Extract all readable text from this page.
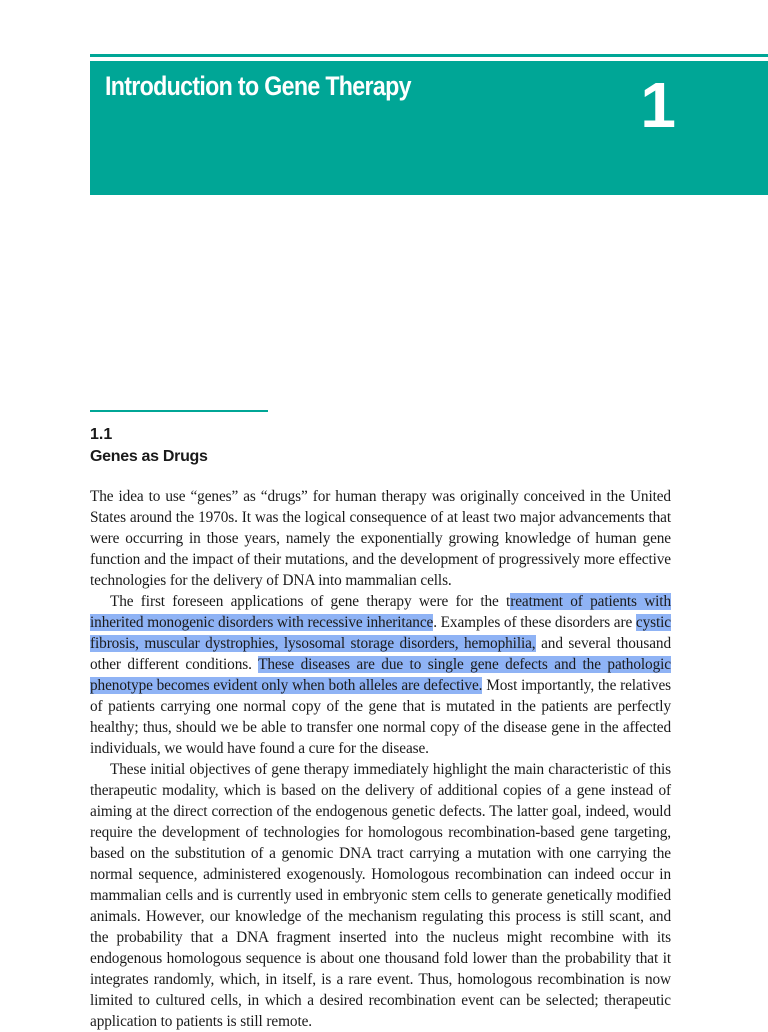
Introduction to Gene Therapy	1
1.1
Genes as Drugs

The idea to use “genes” as “drugs” for human therapy was originally conceived in the United States around the 1970s. It was the logical consequence of at least two major advancements that were occurring in those years, namely the exponentially growing knowledge of human gene function and the impact of their mutations, and the development of progressively more effective technologies for the delivery of DNA into mammalian cells.

The first foreseen applications of gene therapy were for the treatment of patients with inherited monogenic disorders with recessive inheritance. Examples of these disorders are cystic fibrosis, muscular dystrophies, lysosomal storage disorders, hemophilia, and several thousand other different conditions. These diseases are due to single gene defects and the pathologic phenotype becomes evident only when both alleles are defective. Most importantly, the relatives of patients carrying one normal copy of the gene that is mutated in the patients are perfectly healthy; thus, should we be able to transfer one normal copy of the disease gene in the affected individuals, we would have found a cure for the disease.

These initial objectives of gene therapy immediately highlight the main characteristic of this therapeutic modality, which is based on the delivery of additional copies of a gene instead of aiming at the direct correction of the endogenous genetic defects. The latter goal, indeed, would require the development of technologies for homologous recombination-based gene targeting, based on the substitution of a genomic DNA tract carrying a mutation with one carrying the normal sequence, administered exogenously. Homologous recombination can indeed occur in mammalian cells and is currently used in embryonic stem cells to generate genetically modified animals. However, our knowledge of the mechanism regulating this process is still scant, and the probability that a DNA fragment inserted into the nucleus might recombine with its endogenous homologous sequence is about one thousand fold lower than the probability that it integrates randomly, which, in itself, is a rare event. Thus, homologous recombination is now limited to cultured cells, in which a desired recombination event can be selected; therapeutic application to patients is still remote.
